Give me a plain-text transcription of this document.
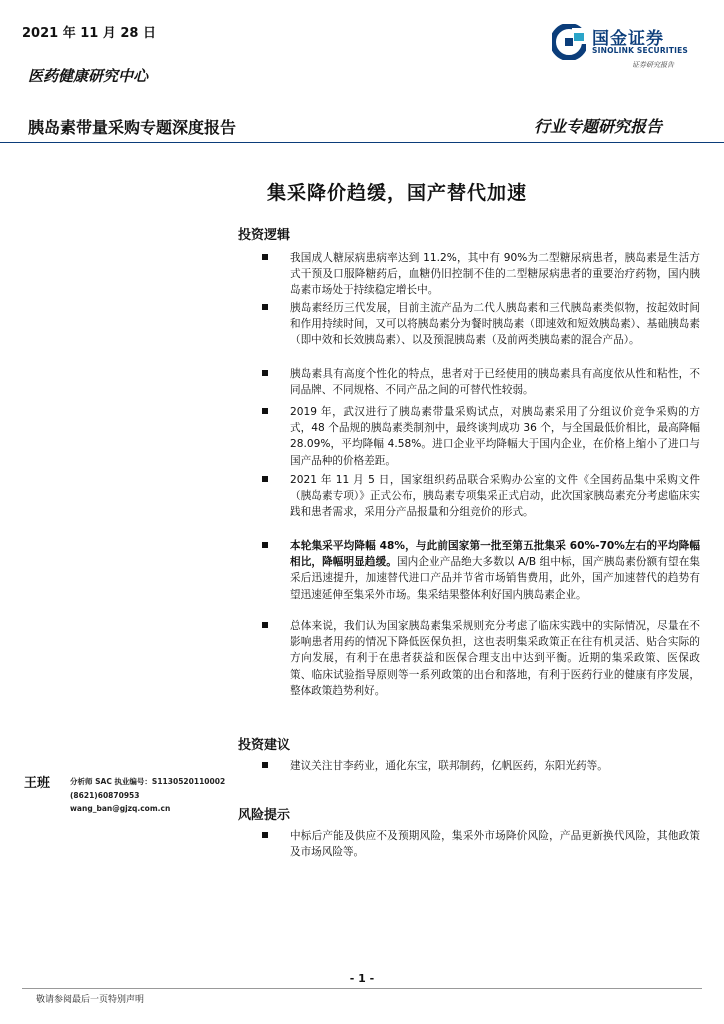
2021 年 11 月 28 日
医药健康研究中心
国金证券
SINOLINK SECURITIES
证券研究报告
胰岛素带量采购专题深度报告	行业专题研究报告
集采降价趋缓，国产替代加速
投资逻辑
我国成人糖尿病患病率达到 11.2%，其中有 90%为二型糖尿病患者，胰岛素是生活方式干预及口服降糖药后，血糖仍旧控制不佳的二型糖尿病患者的重要治疗药物，国内胰岛素市场处于持续稳定增长中。
胰岛素经历三代发展，目前主流产品为二代人胰岛素和三代胰岛素类似物，按起效时间和作用持续时间，又可以将胰岛素分为餐时胰岛素（即速效和短效胰岛素）、基础胰岛素（即中效和长效胰岛素）、以及预混胰岛素（及前两类胰岛素的混合产品）。
胰岛素具有高度个性化的特点，患者对于已经使用的胰岛素具有高度依从性和粘性，不同品牌、不同规格、不同产品之间的可替代性较弱。
2019 年，武汉进行了胰岛素带量采购试点，对胰岛素采用了分组议价竞争采购的方式，48 个品规的胰岛素类制剂中，最终谈判成功 36 个，与全国最低价相比，最高降幅 28.09%，平均降幅 4.58%。进口企业平均降幅大于国内企业，在价格上缩小了进口与国产品种的价格差距。
2021 年 11 月 5 日，国家组织药品联合采购办公室的文件《全国药品集中采购文件（胰岛素专项）》正式公布，胰岛素专项集采正式启动，此次国家胰岛素充分考虑临床实践和患者需求，采用分产品报量和分组竞价的形式。
本轮集采平均降幅 48%，与此前国家第一批至第五批集采 60%-70%左右的平均降幅相比，降幅明显趋缓。国内企业产品绝大多数以 A/B 组中标，国产胰岛素份额有望在集采后迅速提升，加速替代进口产品并节省市场销售费用，此外，国产加速替代的趋势有望迅速延伸至集采外市场。集采结果整体利好国内胰岛素企业。
总体来说，我们认为国家胰岛素集采规则充分考虑了临床实践中的实际情况，尽量在不影响患者用药的情况下降低医保负担，这也表明集采政策正在往有机灵活、贴合实际的方向发展，有利于在患者获益和医保合理支出中达到平衡。近期的集采政策、医保政策、临床试验指导原则等一系列政策的出台和落地，有利于医药行业的健康有序发展，整体政策趋势利好。
投资建议
建议关注甘李药业，通化东宝，联邦制药，亿帆医药，东阳光药等。
王班	分析师 SAC 执业编号：S1130520110002
(8621)60870953
wang_ban@gjzq.com.cn	风险提示
中标后产能及供应不及预期风险，集采外市场降价风险，产品更新换代风险，其他政策及市场风险等。
- 1 -
敬请参阅最后一页特别声明
